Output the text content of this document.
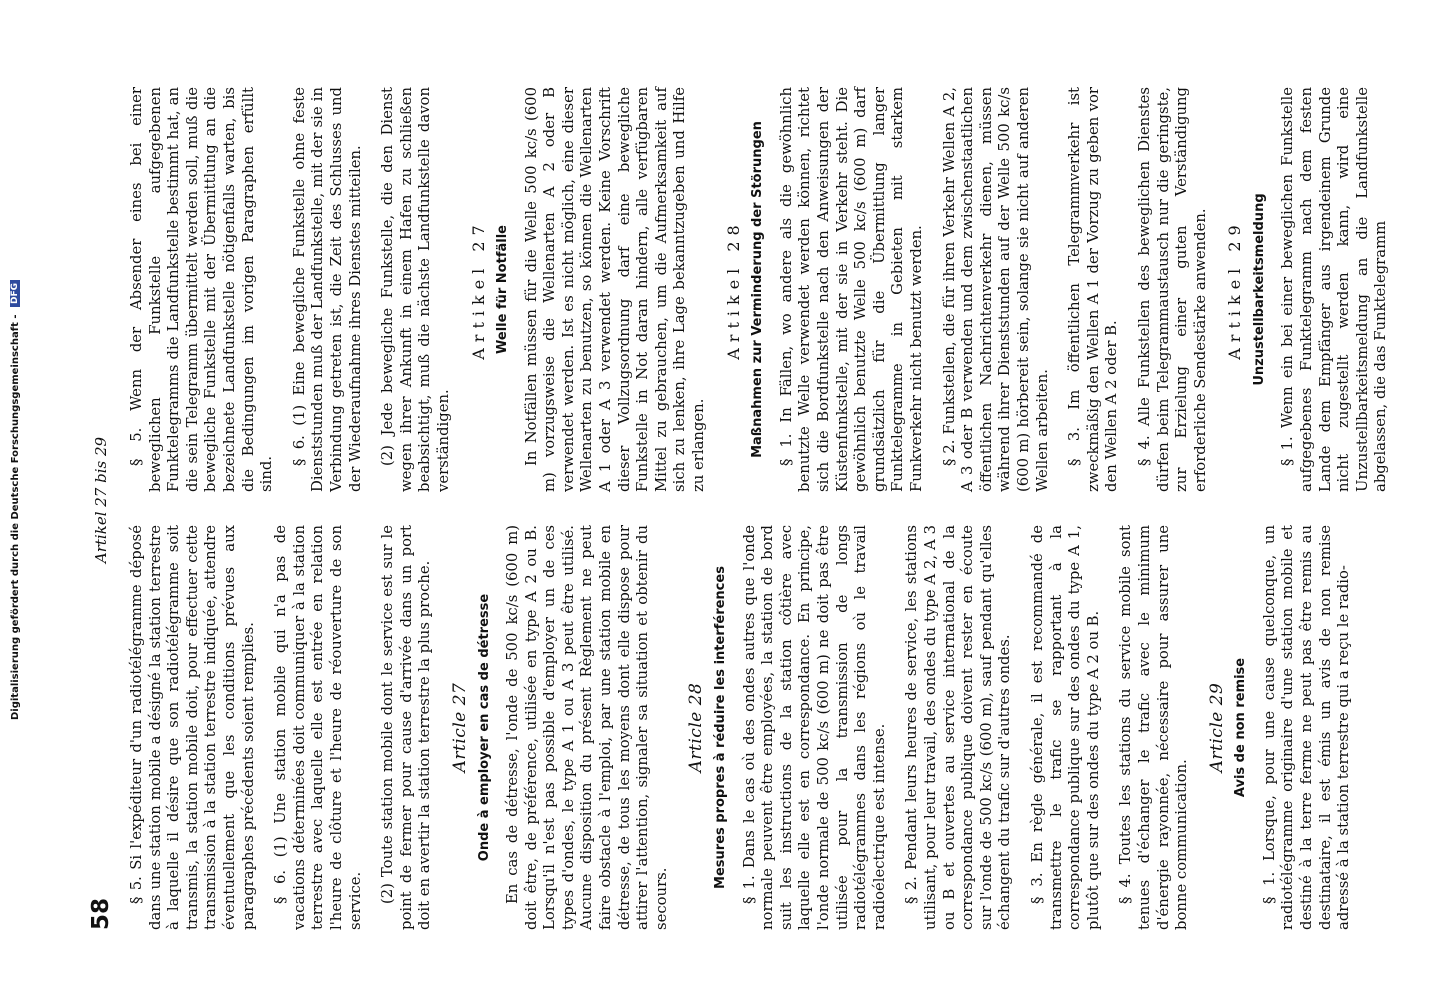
58
Artikel 27 bis 29

§ 5. Si l'expéditeur d'un radiotélégramme déposé dans une station mobile a désigné la station terrestre à laquelle il désire que son radiotélégramme soit transmis, la station mobile doit, pour effectuer cette transmission à la station terrestre indiquée, attendre éventuellement que les conditions prévues aux paragraphes précédents soient remplies. § 6. (1) Une station mobile qui n'a pas de vacations déterminées doit communiquer à la station terrestre avec laquelle elle est entrée en relation l'heure de clôture et l'heure de réouverture de son service. (2) Toute station mobile dont le service est sur le point de fermer pour cause d'arrivée dans un port doit en avertir la station terrestre la plus proche. Article 27 Onde à employer en cas de détresse En cas de détresse, l'onde de 500 kc/s (600 m) doit être, de préférence, utilisée en type A 2 ou B. Lorsqu'il n'est pas possible d'employer un de ces types d'ondes, le type A 1 ou A 3 peut être utilisé. Aucune disposition du présent Règlement ne peut faire obstacle à l'emploi, par une station mobile en détresse, de tous les moyens dont elle dispose pour attirer l'attention, signaler sa situation et obtenir du secours.

Article 28 Mesures propres à réduire les interférences § 1. Dans le cas où des ondes autres que l'onde normale peuvent être employées, la station de bord suit les instructions de la station côtière avec laquelle elle est en correspondance. En principe, l'onde normale de 500 kc/s (600 m) ne doit pas être utilisée pour la transmission de longs radiotélégrammes dans les régions où le travail radioélectrique est intense. § 2. Pendant leurs heures de service, les stations utilisant, pour leur travail, des ondes du type A 2, A 3 ou B et ouvertes au service international de la correspondance publique doivent rester en écoute sur l'onde de 500 kc/s (600 m), sauf pendant qu'elles échangent du trafic sur d'autres ondes. § 3. En règle générale, il est recommandé de transmettre le trafic se rapportant à la correspondance publique sur des ondes du type A 1, plutôt que sur des ondes du type A 2 ou B. § 4. Toutes les stations du service mobile sont tenues d'échanger le trafic avec le minimum d'énergie rayonnée, nécessaire pour assurer une bonne communication.

Article 29 Avis de non remise § 1. Lorsque, pour une cause quelconque, un radiotélégramme originaire d'une station mobile et destiné à la terre ferme ne peut pas être remis au destinataire, il est émis un avis de non remise adressé à la station terrestre qui a reçu le radio-

§ 5. Wenn der Absender eines bei einer beweglichen Funkstelle aufgegebenen Funktelegramms die Landfunkstelle bestimmt hat, an die sein Telegramm übermittelt werden soll, muß die bewegliche Funkstelle mit der Übermittlung an die bezeichnete Landfunkstelle nötigenfalls warten, bis die Bedingungen im vorigen Paragraphen erfüllt sind.

§ 6. (1) Eine bewegliche Funkstelle ohne feste Dienststunden muß der Landfunkstelle, mit der sie in Verbindung getreten ist, die Zeit des Schlusses und der Wiederaufnahme ihres Dienstes mitteilen. (2) Jede bewegliche Funkstelle, die den Dienst wegen ihrer Ankunft in einem Hafen zu schließen beabsichtigt, muß die nächste Landfunkstelle davon verständigen.

Artikel 27 Welle für Notfälle In Notfällen müssen für die Welle 500 kc/s (600 m) vorzugsweise die Wellenarten A 2 oder B verwendet werden. Ist es nicht möglich, eine dieser Wellenarten zu benutzen, so können die Wellenarten A 1 oder A 3 verwendet werden. Keine Vorschrift dieser Vollzugsordnung darf eine bewegliche Funkstelle in Not daran hindern, alle verfügbaren Mittel zu gebrauchen, um die Aufmerksamkeit auf sich zu lenken, ihre Lage bekanntzugeben und Hilfe zu erlangen.

Artikel 28 Maßnahmen zur Verminderung der Störungen § 1. In Fällen, wo andere als die gewöhnlich benutzte Welle verwendet werden können, richtet sich die Bordfunkstelle nach den Anweisungen der Küstenfunkstelle, mit der sie in Verkehr steht. Die gewöhnlich benutzte Welle 500 kc/s (600 m) darf grundsätzlich für die Übermittlung langer Funktelegramme in Gebieten mit starkem Funkverkehr nicht benutzt werden. § 2. Funkstellen, die für ihren Verkehr Wellen A 2, A 3 oder B verwenden und dem zwischenstaatlichen öffentlichen Nachrichtenverkehr dienen, müssen während ihrer Dienststunden auf der Welle 500 kc/s (600 m) hörbereit sein, solange sie nicht auf anderen Wellen arbeiten. § 3. Im öffentlichen Telegrammverkehr ist zweckmäßig den Wellen A 1 der Vorzug zu geben vor den Wellen A 2 oder B. § 4. Alle Funkstellen des beweglichen Dienstes dürfen beim Telegrammaustausch nur die geringste, zur Erzielung einer guten Verständigung erforderliche Sendestärke anwenden. Artikel 29 Unzustellbarkeitsmeldung § 1. Wenn ein bei einer beweglichen Funkstelle aufgegebenes Funktelegramm nach dem festen Lande dem Empfänger aus irgendeinem Grunde nicht zugestellt werden kann, wird eine Unzustellbarkeitsmeldung an die Landfunkstelle abgelassen, die das Funktelegramm

Digitalisierung gefördert durch die Deutsche Forschungsgemeinschaft - DFG
